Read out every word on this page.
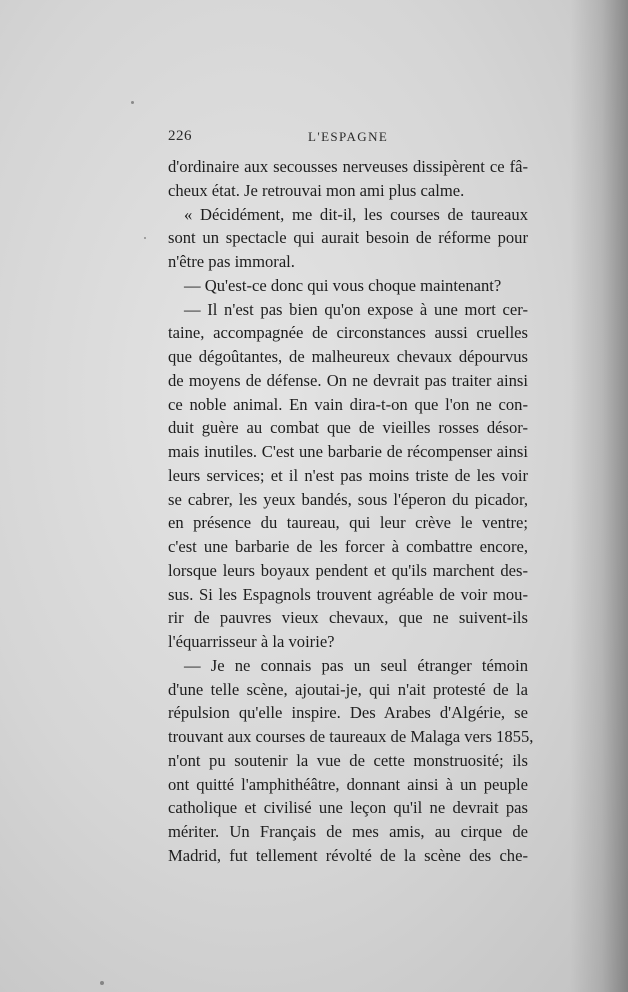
226	L'ESPAGNE
d'ordinaire aux secousses nerveuses dissipèrent ce fâ-
cheux état. Je retrouvai mon ami plus calme.
« Décidément, me dit-il, les courses de taureaux
sont un spectacle qui aurait besoin de réforme pour
n'être pas immoral.
— Qu'est-ce donc qui vous choque maintenant?
— Il n'est pas bien qu'on expose à une mort cer-
taine, accompagnée de circonstances aussi cruelles
que dégoûtantes, de malheureux chevaux dépourvus
de moyens de défense. On ne devrait pas traiter ainsi
ce noble animal. En vain dira-t-on que l'on ne con-
duit guère au combat que de vieilles rosses désor-
mais inutiles. C'est une barbarie de récompenser ainsi
leurs services; et il n'est pas moins triste de les voir
se cabrer, les yeux bandés, sous l'éperon du picador,
en présence du taureau, qui leur crève le ventre;
c'est une barbarie de les forcer à combattre encore,
lorsque leurs boyaux pendent et qu'ils marchent des-
sus. Si les Espagnols trouvent agréable de voir mou-
rir de pauvres vieux chevaux, que ne suivent-ils
l'équarrisseur à la voirie?
— Je ne connais pas un seul étranger témoin
d'une telle scène, ajoutai-je, qui n'ait protesté de la
répulsion qu'elle inspire. Des Arabes d'Algérie, se
trouvant aux courses de taureaux de Malaga vers 1855,
n'ont pu soutenir la vue de cette monstruosité; ils
ont quitté l'amphithéâtre, donnant ainsi à un peuple
catholique et civilisé une leçon qu'il ne devrait pas
mériter. Un Français de mes amis, au cirque de
Madrid, fut tellement révolté de la scène des che-
